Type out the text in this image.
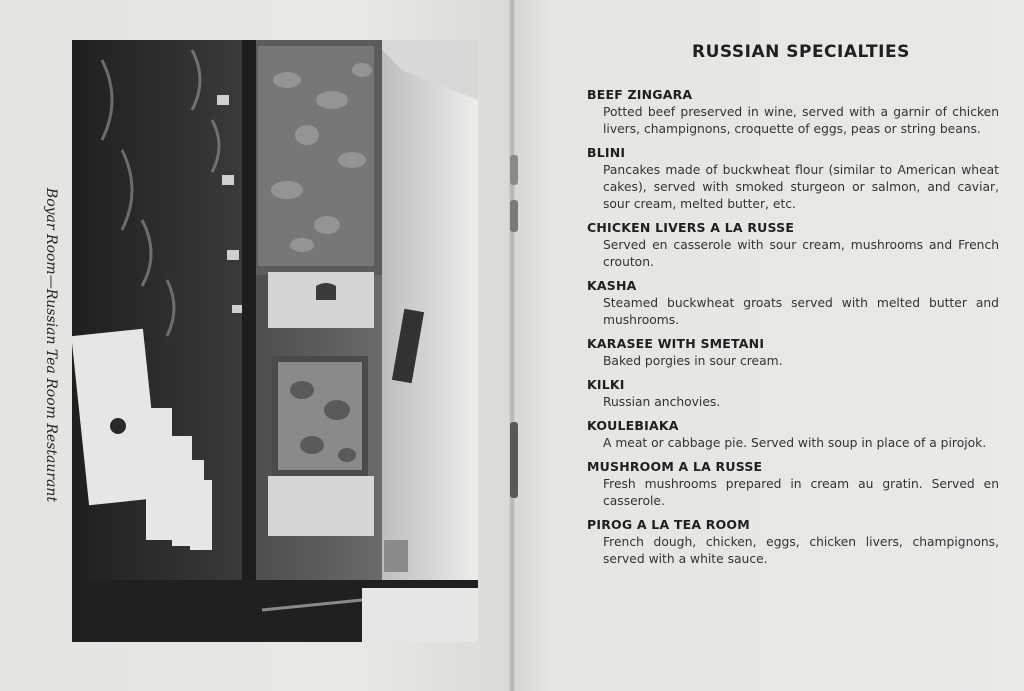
Boyar Room—Russian Tea Room Restaurant
RUSSIAN SPECIALTIES
BEEF ZINGARA
Potted beef preserved in wine, served with a garnir of chicken livers, champignons, croquette of eggs, peas or string beans.
BLINI
Pancakes made of buckwheat flour (similar to American wheat cakes), served with smoked sturgeon or salmon, and caviar, sour cream, melted butter, etc.
CHICKEN LIVERS A LA RUSSE
Served en casserole with sour cream, mushrooms and French crouton.
KASHA
Steamed buckwheat groats served with melted butter and mushrooms.
KARASEE WITH SMETANI
Baked porgies in sour cream.
KILKI
Russian anchovies.
KOULEBIAKA
A meat or cabbage pie. Served with soup in place of a pirojok.
MUSHROOM A LA RUSSE
Fresh mushrooms prepared in cream au gratin. Served en casserole.
PIROG A LA TEA ROOM
French dough, chicken, eggs, chicken livers, champignons, served with a white sauce.
